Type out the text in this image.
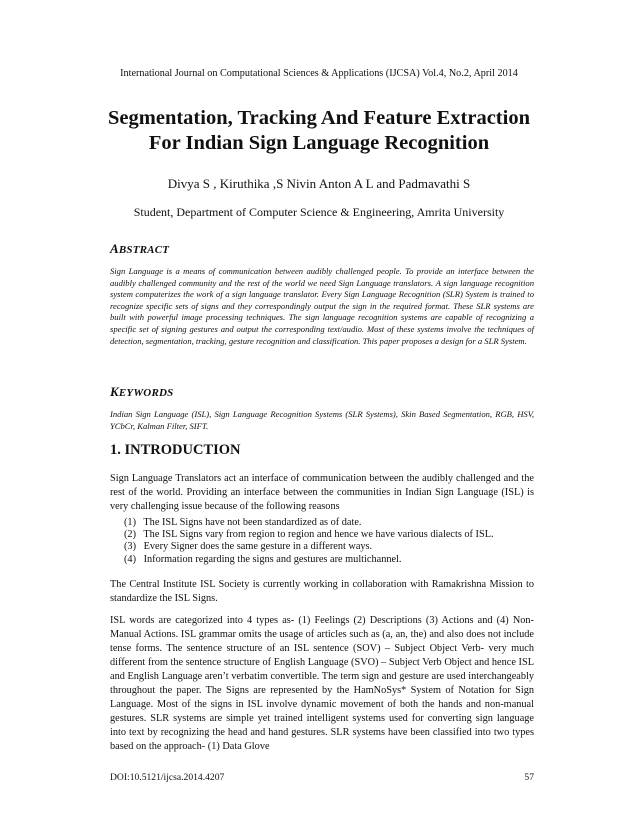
International Journal on Computational Sciences & Applications (IJCSA) Vol.4, No.2, April 2014
Segmentation, Tracking And Feature Extraction
For Indian Sign Language Recognition
Divya S , Kiruthika ,S Nivin Anton A L and Padmavathi S
Student, Department of Computer Science & Engineering, Amrita University
ABSTRACT
Sign Language is a means of communication between audibly challenged people. To provide an interface between the audibly challenged community and the rest of the world we need Sign Language translators. A sign language recognition system computerizes the work of a sign language translator. Every Sign Language Recognition (SLR) System is trained to recognize specific sets of signs and they correspondingly output the sign in the required format. These SLR systems are built with powerful image processing techniques. The sign language recognition systems are capable of recognizing a specific set of signing gestures and output the corresponding text/audio. Most of these systems involve the techniques of detection, segmentation, tracking, gesture recognition and classification. This paper proposes a design for a SLR System.
KEYWORDS
Indian Sign Language (ISL), Sign Language Recognition Systems (SLR Systems), Skin Based Segmentation, RGB, HSV, YCbCr, Kalman Filter, SIFT.
1. INTRODUCTION
Sign Language Translators act an interface of communication between the audibly challenged and the rest of the world. Providing an interface between the communities in Indian Sign Language (ISL) is very challenging issue because of the following reasons
(1) The ISL Signs have not been standardized as of date.
(2) The ISL Signs vary from region to region and hence we have various dialects of ISL.
(3) Every Signer does the same gesture in a different ways.
(4) Information regarding the signs and gestures are multichannel.
The Central Institute ISL Society is currently working in collaboration with Ramakrishna Mission to standardize the ISL Signs.
ISL words are categorized into 4 types as- (1) Feelings (2) Descriptions (3) Actions and (4) Non-Manual Actions. ISL grammar omits the usage of articles such as (a, an, the) and also does not include tense forms. The sentence structure of an ISL sentence (SOV) – Subject Object Verb- very much different from the sentence structure of English Language (SVO) – Subject Verb Object and hence ISL and English Language aren’t verbatim convertible. The term sign and gesture are used interchangeably throughout the paper. The Signs are represented by the HamNoSys* System of Notation for Sign Language. Most of the signs in ISL involve dynamic movement of both the hands and non-manual gestures. SLR systems are simple yet trained intelligent systems used for converting sign language into text by recognizing the head and hand gestures. SLR systems have been classified into two types based on the approach- (1) Data Glove
DOI:10.5121/ijcsa.2014.4207	57
